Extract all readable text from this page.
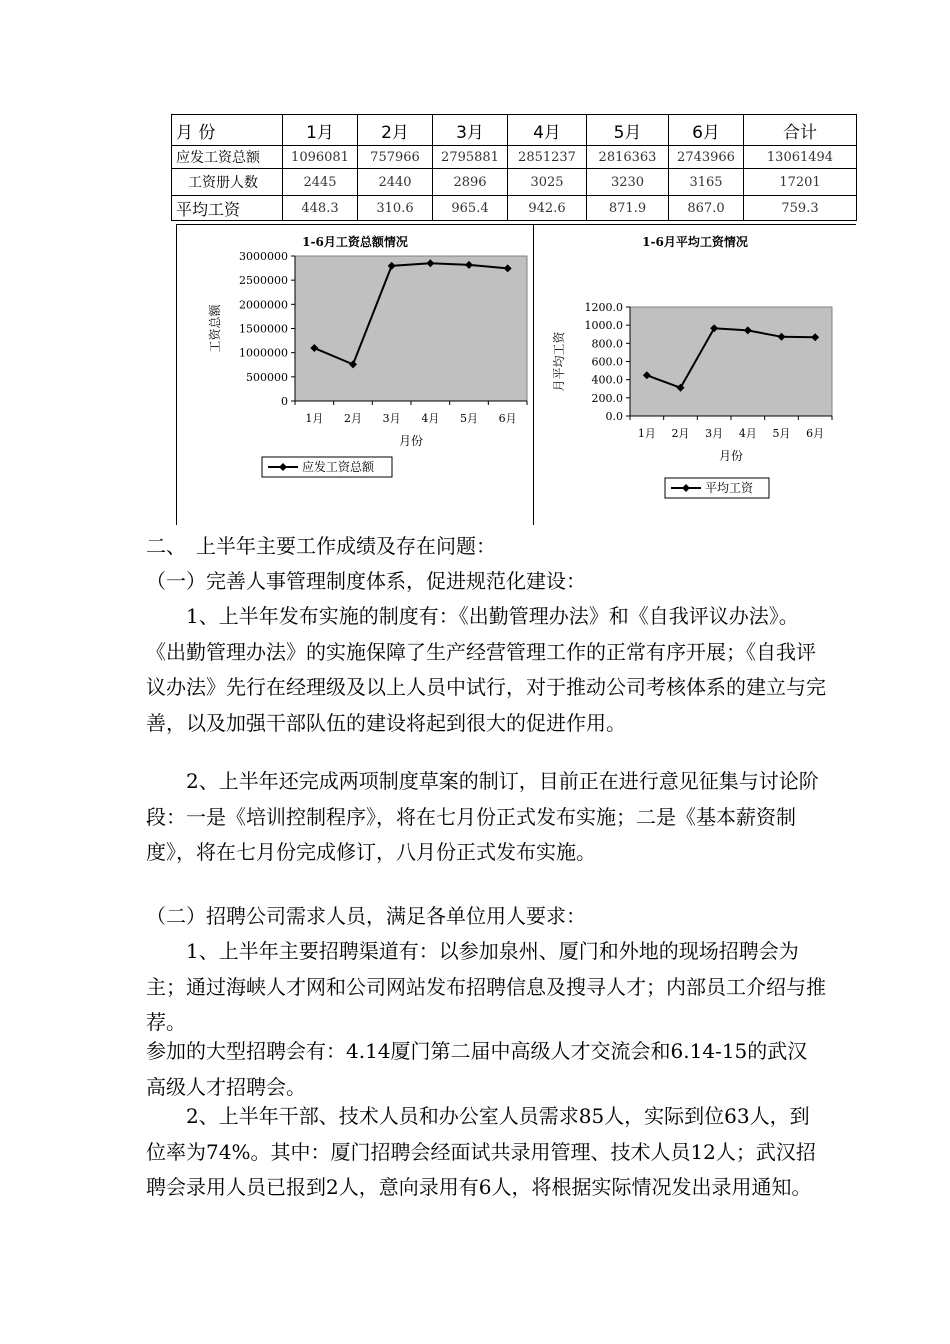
月 份	1月	2月	3月	4月	5月	6月	合计
应发工资总额	1096081	757966	2795881	2851237	2816363	2743966	13061494
工资册人数	2445	2440	2896	3025	3230	3165	17201
平均工资	448.3	310.6	965.4	942.6	871.9	867.0	759.3
1-6月工资总额情况
0
500000
1000000
1500000
2000000
2500000
3000000
1月 2月 3月 4月 5月 6月
月份
工资总额
应发工资总额
1-6月平均工资情况
0.0
200.0
400.0
600.0
800.0
1000.0
1200.0
1月 2月 3月 4月 5月 6月
月份
月平均工资
平均工资

二、　上半年主要工作成绩及存在问题：

（一）完善人事管理制度体系，促进规范化建设：

1、上半年发布实施的制度有：《出勤管理办法》和《自我评议办法》。《出勤管理办法》的实施保障了生产经营管理工作的正常有序开展；《自我评议办法》先行在经理级及以上人员中试行，对于推动公司考核体系的建立与完善，以及加强干部队伍的建设将起到很大的促进作用。

2、上半年还完成两项制度草案的制订，目前正在进行意见征集与讨论阶段：一是《培训控制程序》，将在七月份正式发布实施；二是《基本薪资制度》，将在七月份完成修订，八月份正式发布实施。

（二）招聘公司需求人员，满足各单位用人要求：

1、上半年主要招聘渠道有：以参加泉州、厦门和外地的现场招聘会为主；通过海峡人才网和公司网站发布招聘信息及搜寻人才；内部员工介绍与推荐。

参加的大型招聘会有：4.14厦门第二届中高级人才交流会和6.14-15的武汉高级人才招聘会。

2、上半年干部、技术人员和办公室人员需求85人，实际到位63人，到位率为74%。其中：厦门招聘会经面试共录用管理、技术人员12人；武汉招聘会录用人员已报到2人，意向录用有6人，将根据实际情况发出录用通知。
